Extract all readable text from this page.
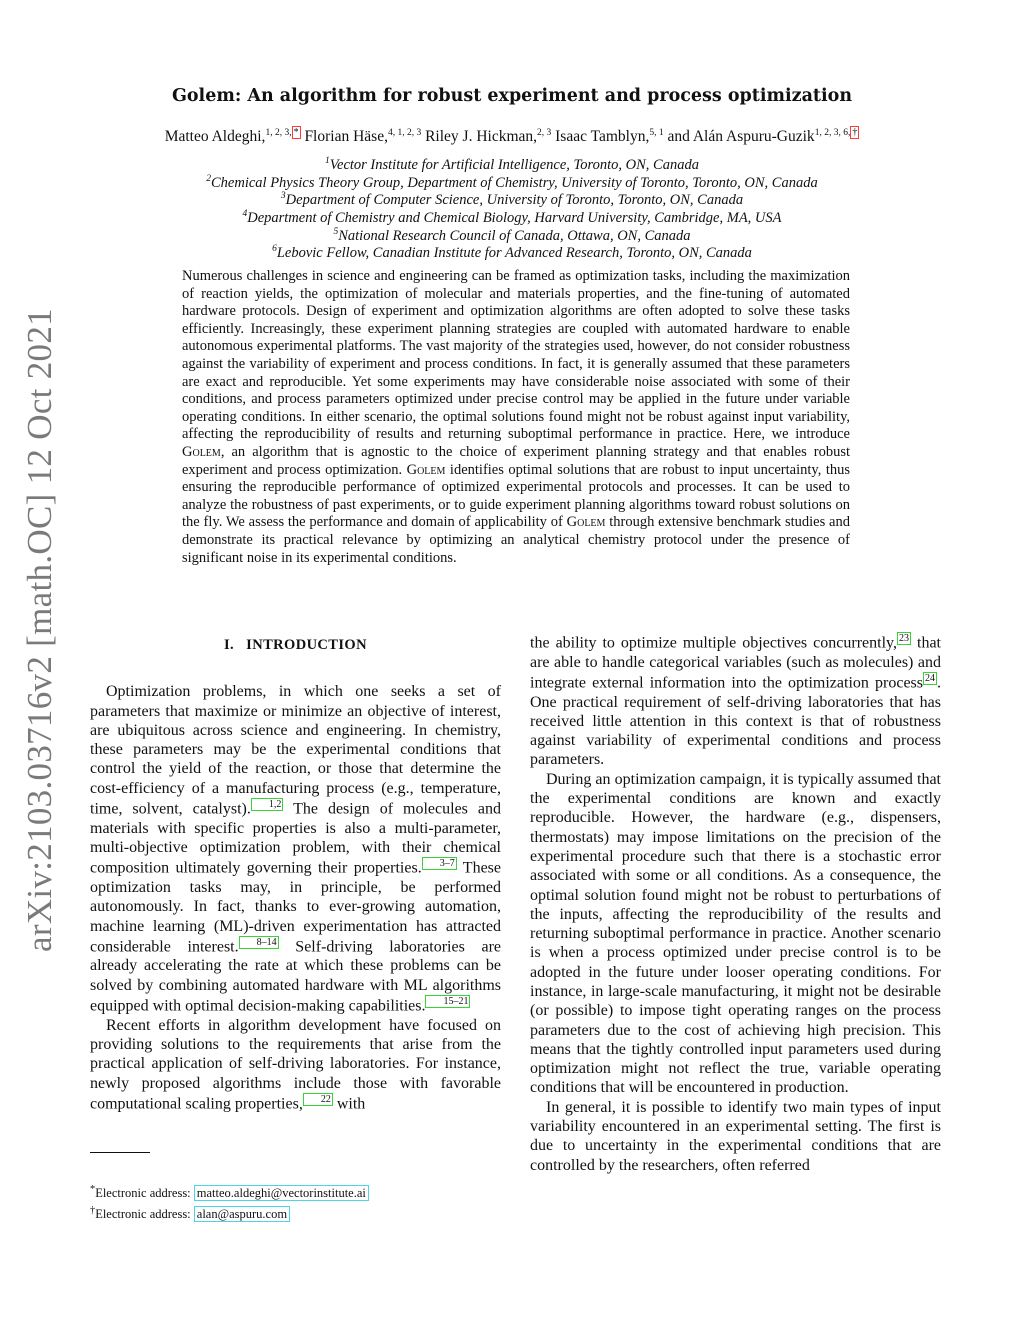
arXiv:2103.03716v2 [math.OC] 12 Oct 2021
Golem: An algorithm for robust experiment and process optimization
Matteo Aldeghi,$^{1, 2, 3,}$ * Florian Häse,$^{4, 1, 2, 3}$ Riley J. Hickman,$^{2, 3}$ Isaac Tamblyn,$^{5, 1}$ and Alán Aspuru-Guzik$^{1, 2, 3, 6,}$ †
$^1$Vector Institute for Artificial Intelligence, Toronto, ON, Canada
$^2$Chemical Physics Theory Group, Department of Chemistry, University of Toronto, Toronto, ON, Canada
$^3$Department of Computer Science, University of Toronto, Toronto, ON, Canada
$^4$Department of Chemistry and Chemical Biology, Harvard University, Cambridge, MA, USA
$^5$National Research Council of Canada, Ottawa, ON, Canada
$^6$Lebovic Fellow, Canadian Institute for Advanced Research, Toronto, ON, Canada

Numerous challenges in science and engineering can be framed as optimization tasks, including the maximization of reaction yields, the optimization of molecular and materials properties, and the fine-tuning of automated hardware protocols. Design of experiment and optimization algorithms are often adopted to solve these tasks efficiently. Increasingly, these experiment planning strategies are coupled with automated hardware to enable autonomous experimental platforms. The vast majority of the strategies used, however, do not consider robustness against the variability of experiment and process conditions. In fact, it is generally assumed that these parameters are exact and reproducible. Yet some experiments may have considerable noise associated with some of their conditions, and process parameters optimized under precise control may be applied in the future under variable operating conditions. In either scenario, the optimal solutions found might not be robust against input variability, affecting the reproducibility of results and returning suboptimal performance in practice. Here, we introduce Golem, an algorithm that is agnostic to the choice of experiment planning strategy and that enables robust experiment and process optimization. Golem identifies optimal solutions that are robust to input uncertainty, thus ensuring the reproducible performance of optimized experimental protocols and processes. It can be used to analyze the robustness of past experiments, or to guide experiment planning algorithms toward robust solutions on the fly. We assess the performance and domain of applicability of Golem through extensive benchmark studies and demonstrate its practical relevance by optimizing an analytical chemistry protocol under the presence of significant noise in its experimental conditions.

I. INTRODUCTION

Optimization problems, in which one seeks a set of parameters that maximize or minimize an objective of interest, are ubiquitous across science and engineering. In chemistry, these parameters may be the experimental conditions that control the yield of the reaction, or those that determine the cost-efficiency of a manufacturing process (e.g., temperature, time, solvent, catalyst). 1,2 The design of molecules and materials with specific properties is also a multi-parameter, multi-objective optimization problem, with their chemical composition ultimately governing their properties. 3–7 These optimization tasks may, in principle, be performed autonomously. In fact, thanks to ever-growing automation, machine learning (ML)-driven experimentation has attracted considerable interest. 8–14 Self-driving laboratories are already accelerating the rate at which these problems can be solved by combining automated hardware with ML algorithms equipped with optimal decision-making capabilities. 15–21

Recent efforts in algorithm development have focused on providing solutions to the requirements that arise from the practical application of self-driving laboratories. For instance, newly proposed algorithms include those with favorable computational scaling properties, 22 with

the ability to optimize multiple objectives concurrently, 23 that are able to handle categorical variables (such as molecules) and integrate external information into the optimization process 24 . One practical requirement of self-driving laboratories that has received little attention in this context is that of robustness against variability of experimental conditions and process parameters.

During an optimization campaign, it is typically assumed that the experimental conditions are known and exactly reproducible. However, the hardware (e.g., dispensers, thermostats) may impose limitations on the precision of the experimental procedure such that there is a stochastic error associated with some or all conditions. As a consequence, the optimal solution found might not be robust to perturbations of the inputs, affecting the reproducibility of the results and returning suboptimal performance in practice. Another scenario is when a process optimized under precise control is to be adopted in the future under looser operating conditions. For instance, in large-scale manufacturing, it might not be desirable (or possible) to impose tight operating ranges on the process parameters due to the cost of achieving high precision. This means that the tightly controlled input parameters used during optimization might not reflect the true, variable operating conditions that will be encountered in production.

In general, it is possible to identify two main types of input variability encountered in an experimental setting. The first is due to uncertainty in the experimental conditions that are controlled by the researchers, often referred

*Electronic address: matteo.aldeghi@vectorinstitute.ai
†Electronic address: alan@aspuru.com
